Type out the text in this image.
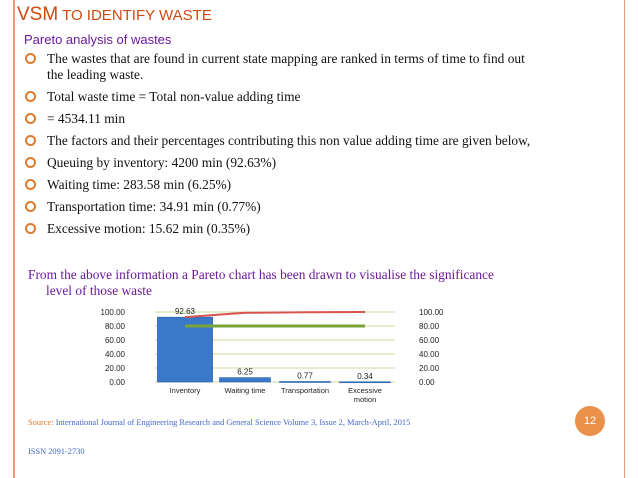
VSM TO IDENTIFY WASTE
Pareto analysis of wastes
The wastes that are found in current state mapping are ranked in terms of time to find out the leading waste.
Total waste time = Total non-value adding time
= 4534.11 min
The factors and their percentages contributing this non value adding time are given below,
Queuing by inventory: 4200 min (92.63%)
Waiting time: 283.58 min (6.25%)
Transportation time: 34.91 min (0.77%)
Excessive motion: 15.62 min (0.35%)
From the above information a Pareto chart has been drawn to visualise the significance
level of those waste
100.00	100.00
80.00	80.00
60.00	60.00
40.00	40.00
20.00	20.00
0.00	0.00
92.63
6.25	0.77	0.34
Inventory	Waiting time Transportation	Excessive
motion
Source: International Journal of Engineering Research and General Science Volume 3, Issue 2, March-April, 2015
ISSN 2091-2730
12
